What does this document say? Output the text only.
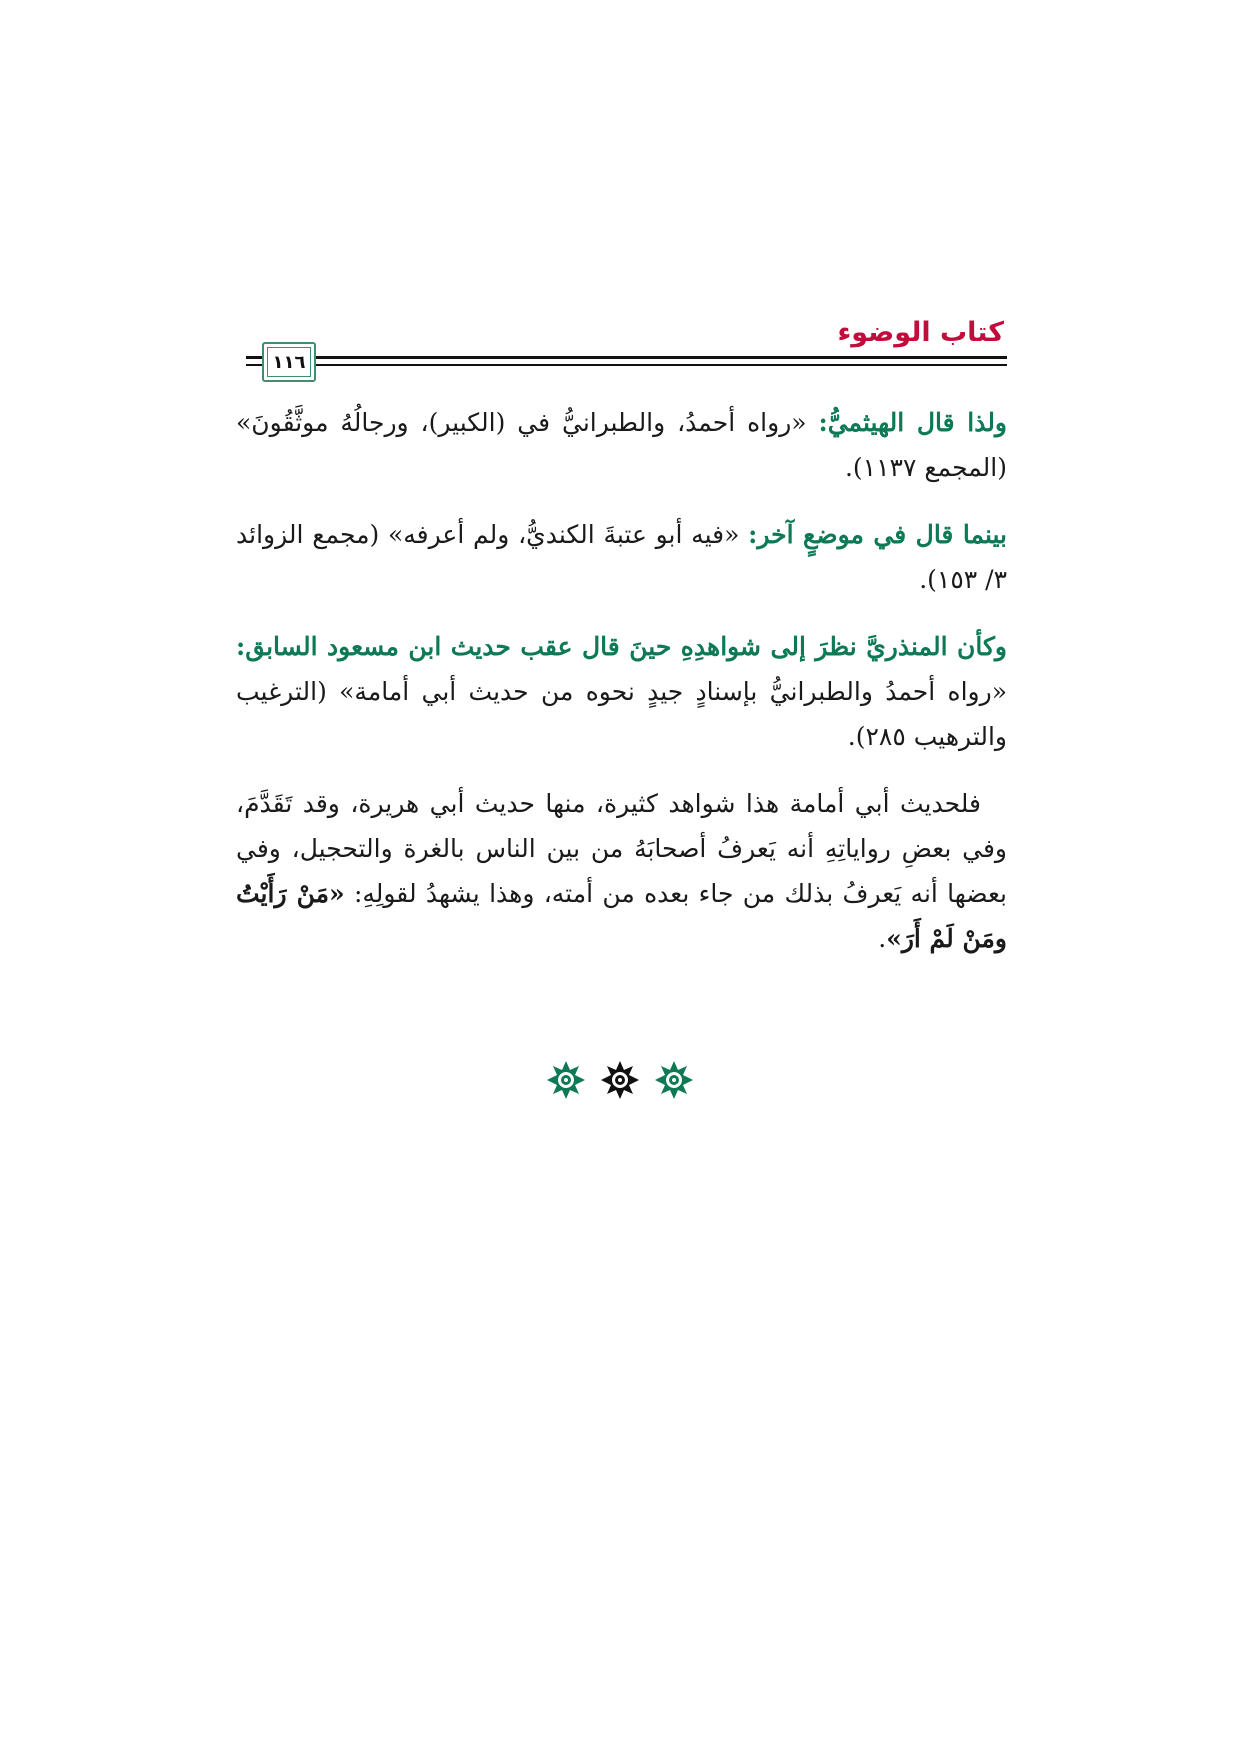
كتاب الوضوء
١١٦

ولذا قال الهيثميُّ: «رواه أحمدُ، والطبرانيُّ في (الكبير)، ورجالُهُ موثَّقُونَ» (المجمع ١١٣٧).

بينما قال في موضعٍ آخر: «فيه أبو عتبةَ الكنديُّ، ولم أعرفه» (مجمع الزوائد ٣/ ١٥٣).

وكأن المنذريَّ نظرَ إلى شواهدِهِ حينَ قال عقب حديث ابن مسعود السابق: «رواه أحمدُ والطبرانيُّ بإسنادٍ جيدٍ نحوه من حديث أبي أمامة» (الترغيب والترهيب ٢٨٥).

فلحديث أبي أمامة هذا شواهد كثيرة، منها حديث أبي هريرة، وقد تَقَدَّمَ، وفي بعضِ رواياتِهِ أنه يَعرفُ أصحابَهُ من بين الناس بالغرة والتحجيل، وفي بعضها أنه يَعرفُ بذلك من جاء بعده من أمته، وهذا يشهدُ لقولِهِ: «مَنْ رَأَيْتُ ومَنْ لَمْ أَرَ».
